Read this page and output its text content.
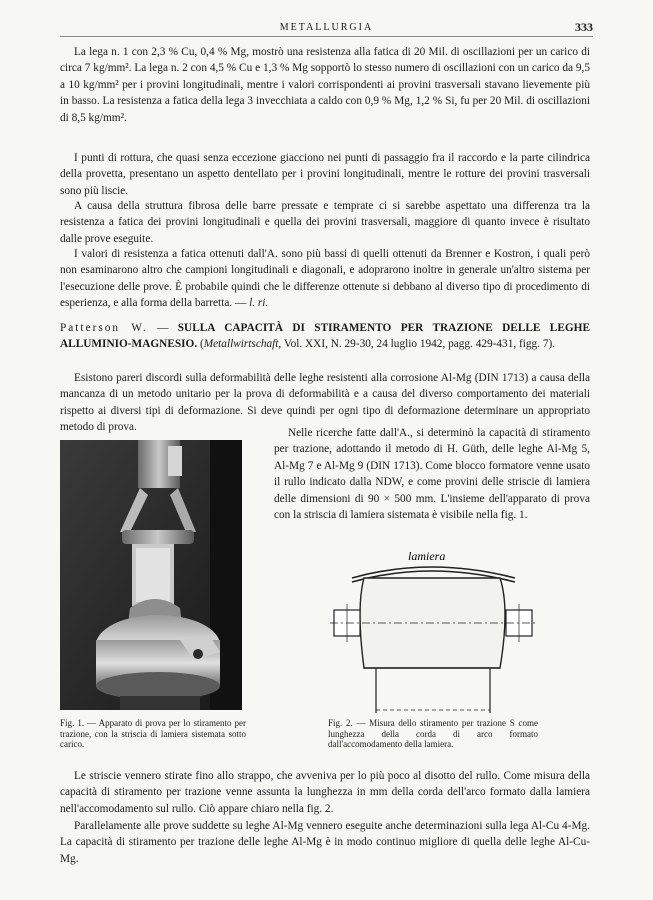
METALLURGIA	333

La lega n. 1 con 2,3 % Cu, 0,4 % Mg, mostrò una resistenza alla fatica di 20 Mil. di oscillazioni per un carico di circa 7 kg/mm². La lega n. 2 con 4,5 % Cu e 1,3 % Mg sopportò lo stesso numero di oscillazioni con un carico da 9,5 a 10 kg/mm² per i provini longitudinali, mentre i valori corrispondenti ai provini trasversali stavano lievemente più in basso. La resistenza a fatica della lega 3 invecchiata a caldo con 0,9 % Mg, 1,2 % Si, fu per 20 Mil. di oscillazioni di 8,5 kg/mm².

I punti di rottura, che quasi senza eccezione giacciono nei punti di passaggio fra il raccordo e la parte cilindrica della provetta, presentano un aspetto dentellato per i provini longitudinali, mentre le rotture dei provini trasversali sono più liscie.

A causa della struttura fibrosa delle barre pressate e temprate ci si sarebbe aspettato una differenza tra la resistenza a fatica dei provini longitudinali e quella dei provini trasversali, maggiore di quanto invece è risultato dalle prove eseguite.

I valori di resistenza a fatica ottenuti dall'A. sono più bassi di quelli ottenuti da Brenner e Kostron, i quali però non esaminarono altro che campioni longitudinali e diagonali, e adoprarono inoltre in generale un'altro sistema per l'esecuzione delle prove. È probabile quindi che le differenze ottenute si debbano al diverso tipo di procedimento di esperienza, e alla forma della barretta. — l. ri.

Patterson W. — SULLA CAPACITÀ DI STIRAMENTO PER TRAZIONE DELLE LEGHE ALLUMINIO-MAGNESIO. (Metallwirtschaft, Vol. XXI, N. 29-30, 24 luglio 1942, pagg. 429-431, figg. 7).

Esistono pareri discordi sulla deformabilità delle leghe resistenti alla corrosione Al-Mg (DIN 1713) a causa della mancanza di un metodo unitario per la prova di deformabilità e a causa del diverso comportamento dei materiali rispetto ai diversi tipi di deformazione. Si deve quindi per ogni tipo di deformazione determinare un appropriato metodo di prova.	Nelle ricerche fatte dall'A., si determinò la capacità di stiramento per trazione, adottando il metodo di H. Güth, delle leghe Al-Mg 5, Al-Mg 7 e Al-Mg 9 (DIN 1713). Come blocco formatore venne usato il rullo indicato dalla NDW, e come provini delle striscie di lamiera delle dimensioni di 90 × 500 mm. L'insieme dell'apparato di prova con la striscia di lamiera sistemata è visibile nella fig. 1.

lamiera

Fig. 1. — Apparato di prova per lo stiramento per trazione, con la striscia di lamiera sistemata sotto carico.

Fig. 2. — Misura dello stiramento per trazione S come lunghezza della corda di arco formato dall'accomodamento della lamiera.

Le striscie vennero stirate fino allo strappo, che avveniva per lo più poco al disotto del rullo. Come misura della capacità di stiramento per trazione venne assunta la lunghezza in mm della corda dell'arco formato dalla lamiera nell'accomodamento sul rullo. Ciò appare chiaro nella fig. 2.

Parallelamente alle prove suddette su leghe Al-Mg vennero eseguite anche determinazioni sulla lega Al-Cu 4-Mg. La capacità di stiramento per trazione delle leghe Al-Mg è in modo continuo migliore di quella delle leghe Al-Cu-Mg.
